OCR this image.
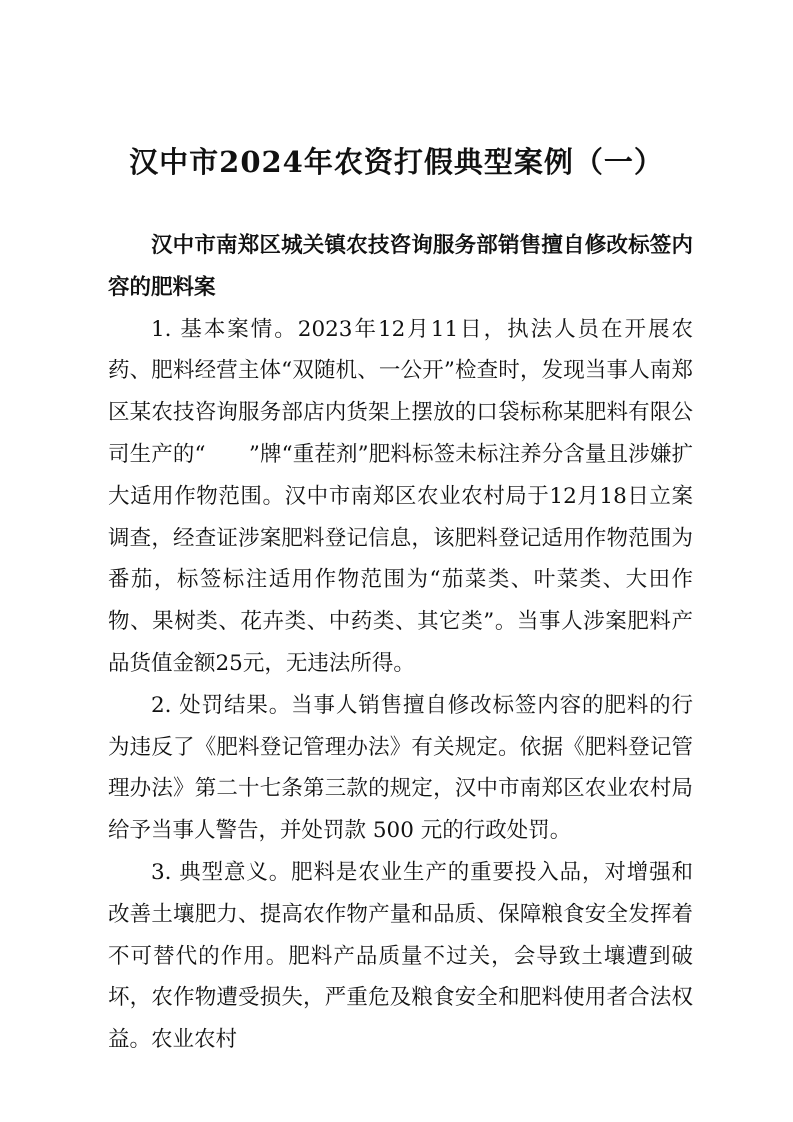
汉中市2024年农资打假典型案例（一）

汉中市南郑区城关镇农技咨询服务部销售擅自修改标签内容的肥料案

1. 基本案情。2023年12月11日，执法人员在开展农药、肥料经营主体“双随机、一公开”检查时，发现当事人南郑区某农技咨询服务部店内货架上摆放的口袋标称某肥料有限公司生产的“　　”牌“重茬剂”肥料标签未标注养分含量且涉嫌扩大适用作物范围。汉中市南郑区农业农村局于12月18日立案调查，经查证涉案肥料登记信息，该肥料登记适用作物范围为番茄，标签标注适用作物范围为“茄菜类、叶菜类、大田作物、果树类、花卉类、中药类、其它类”。当事人涉案肥料产品货值金额25元，无违法所得。

2. 处罚结果。当事人销售擅自修改标签内容的肥料的行为违反了《肥料登记管理办法》有关规定。依据《肥料登记管理办法》第二十七条第三款的规定，汉中市南郑区农业农村局给予当事人警告，并处罚款 500 元的行政处罚。

3. 典型意义。肥料是农业生产的重要投入品，对增强和改善土壤肥力、提高农作物产量和品质、保障粮食安全发挥着不可替代的作用。肥料产品质量不过关，会导致土壤遭到破坏，农作物遭受损失，严重危及粮食安全和肥料使用者合法权益。农业农村
